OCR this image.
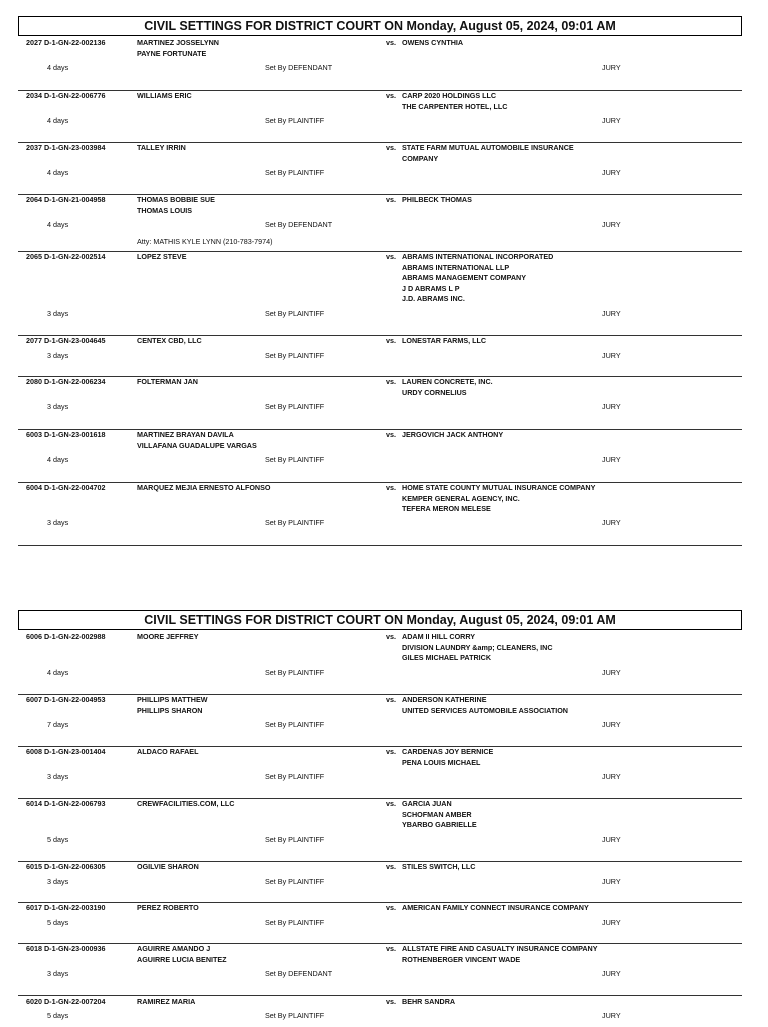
CIVIL SETTINGS FOR DISTRICT COURT ON Monday, August 05, 2024, 09:01 AM
2027 D-1-GN-22-002136	MARTINEZ JOSSELYNN
PAYNE FORTUNATE
vs. OWENS CYNTHIA
4 days	Set By DEFENDANT	JURY
2034 D-1-GN-22-006776	WILLIAMS ERIC	vs. CARP 2020 HOLDINGS LLC
THE CARPENTER HOTEL, LLC
4 days	Set By PLAINTIFF	JURY
2037 D-1-GN-23-003984	TALLEY IRRIN	vs. STATE FARM MUTUAL AUTOMOBILE INSURANCE
COMPANY
4 days	Set By PLAINTIFF	JURY
2064 D-1-GN-21-004958	THOMAS BOBBIE SUE
THOMAS LOUIS
vs. PHILBECK THOMAS
4 days	Set By DEFENDANT	JURY
Atty: MATHIS KYLE LYNN (210-783-7974)
2065 D-1-GN-22-002514	LOPEZ STEVE	vs. ABRAMS INTERNATIONAL INCORPORATED
ABRAMS INTERNATIONAL LLP
ABRAMS MANAGEMENT COMPANY
J D ABRAMS L P
J.D. ABRAMS INC.
3 days	Set By PLAINTIFF	JURY
2077 D-1-GN-23-004645	CENTEX CBD, LLC	vs. LONESTAR FARMS, LLC
3 days	Set By PLAINTIFF	JURY
2080 D-1-GN-22-006234	FOLTERMAN JAN	vs. LAUREN CONCRETE, INC.
URDY CORNELIUS
3 days	Set By PLAINTIFF	JURY
6003 D-1-GN-23-001618	MARTINEZ BRAYAN DAVILA
VILLAFANA GUADALUPE VARGAS
vs. JERGOVICH JACK ANTHONY
4 days	Set By PLAINTIFF	JURY
6004 D-1-GN-22-004702	MARQUEZ MEJIA ERNESTO ALFONSO	vs. HOME STATE COUNTY MUTUAL INSURANCE COMPANY
KEMPER GENERAL AGENCY, INC.
TEFERA MERON MELESE
3 days	Set By PLAINTIFF	JURY
CIVIL SETTINGS FOR DISTRICT COURT ON Monday, August 05, 2024, 09:01 AM
6006 D-1-GN-22-002988	MOORE JEFFREY	vs. ADAM II HILL CORRY
DIVISION LAUNDRY &amp; CLEANERS, INC
GILES MICHAEL PATRICK
4 days	Set By PLAINTIFF	JURY
6007 D-1-GN-22-004953	PHILLIPS MATTHEW
PHILLIPS SHARON
vs. ANDERSON KATHERINE
UNITED SERVICES AUTOMOBILE ASSOCIATION
7 days	Set By PLAINTIFF	JURY
6008 D-1-GN-23-001404	ALDACO RAFAEL	vs. CARDENAS JOY BERNICE
PENA LOUIS MICHAEL
3 days	Set By PLAINTIFF	JURY
6014 D-1-GN-22-006793	CREWFACILITIES.COM, LLC	vs. GARCIA JUAN
SCHOFMAN AMBER
YBARBO GABRIELLE
5 days	Set By PLAINTIFF	JURY
6015 D-1-GN-22-006305	OGILVIE SHARON	vs. STILES SWITCH, LLC
3 days	Set By PLAINTIFF	JURY
6017 D-1-GN-22-003190	PEREZ ROBERTO	vs. AMERICAN FAMILY CONNECT INSURANCE COMPANY
5 days	Set By PLAINTIFF	JURY
6018 D-1-GN-23-000936	AGUIRRE AMANDO J
AGUIRRE LUCIA BENITEZ
vs. ALLSTATE FIRE AND CASUALTY INSURANCE COMPANY
ROTHENBERGER VINCENT WADE
3 days	Set By DEFENDANT	JURY
6020 D-1-GN-22-007204	RAMIREZ MARIA	vs. BEHR SANDRA
5 days	Set By PLAINTIFF	JURY
